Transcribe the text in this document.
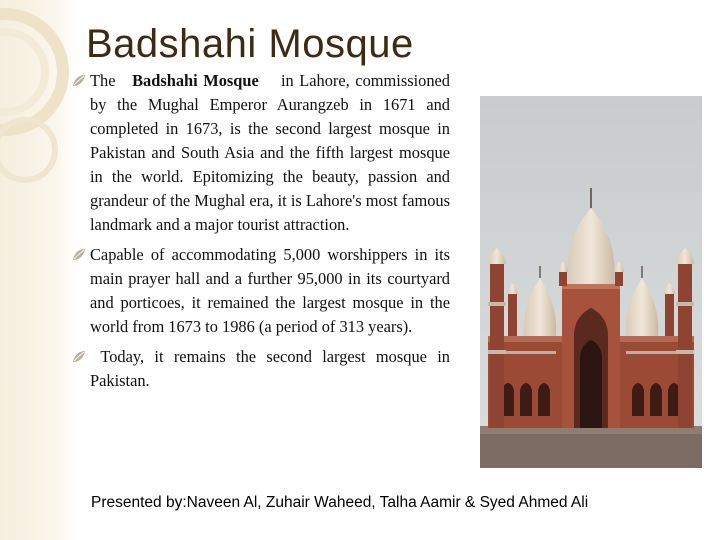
Badshahi Mosque

The Badshahi Mosque in Lahore, commissioned by the Mughal Emperor Aurangzeb in 1671 and completed in 1673, is the second largest mosque in Pakistan and South Asia and the fifth largest mosque in the world. Epitomizing the beauty, passion and grandeur of the Mughal era, it is Lahore's most famous landmark and a major tourist attraction.

Capable of accommodating 5,000 worshippers in its main prayer hall and a further 95,000 in its courtyard and porticoes, it remained the largest mosque in the world from 1673 to 1986 (a period of 313 years).

Today, it remains the second largest mosque in Pakistan.

Presented by:Naveen Al, Zuhair Waheed, Talha Aamir & Syed Ahmed Ali
